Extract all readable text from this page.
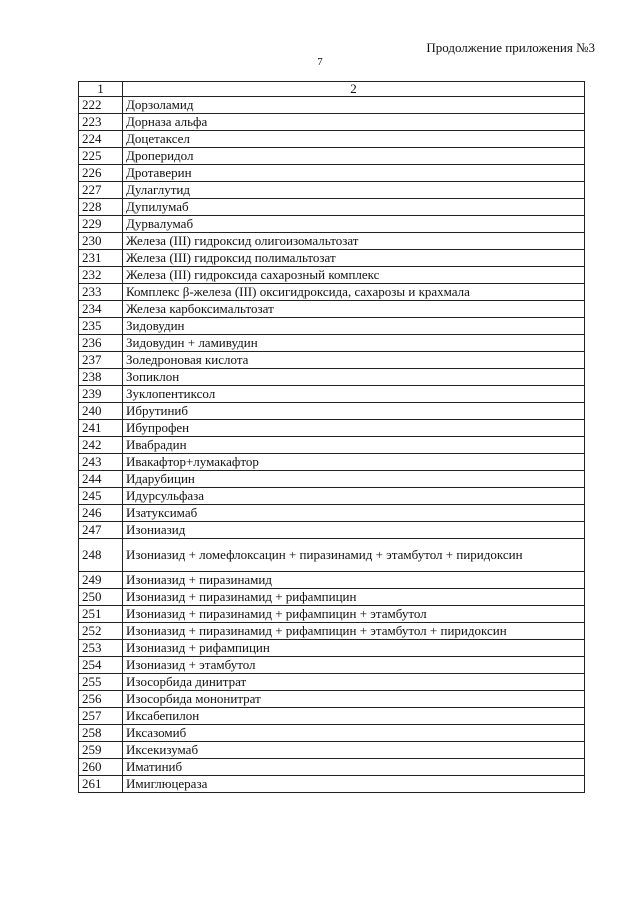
Продолжение приложения №3
7
1	2
222	Дорзоламид
223	Дорназа альфа
224	Доцетаксел
225	Дроперидол
226	Дротаверин
227	Дулаглутид
228	Дупилумаб
229	Дурвалумаб
230	Железа (III) гидроксид олигоизомальтозат
231	Железа (III) гидроксид полимальтозат
232	Железа (III) гидроксида сахарозный комплекс
233	Комплекс β-железа (III) оксигидроксида, сахарозы и крахмала
234	Железа карбоксимальтозат
235	Зидовудин
236	Зидовудин + ламивудин
237	Золедроновая кислота
238	Зопиклон
239	Зуклопентиксол
240	Ибрутиниб
241	Ибупрофен
242	Ивабрадин
243	Ивакафтор+лумакафтор
244	Идарубицин
245	Идурсульфаза
246	Изатуксимаб
247	Изониазид
248	Изониазид + ломефлоксацин + пиразинамид + этамбутол + пиридоксин
249	Изониазид + пиразинамид
250	Изониазид + пиразинамид + рифампицин
251	Изониазид + пиразинамид + рифампицин + этамбутол
252	Изониазид + пиразинамид + рифампицин + этамбутол + пиридоксин
253	Изониазид + рифампицин
254	Изониазид + этамбутол
255	Изосорбида динитрат
256	Изосорбида мононитрат
257	Иксабепилон
258	Иксазомиб
259	Иксекизумаб
260	Иматиниб
261	Имиглюцераза
